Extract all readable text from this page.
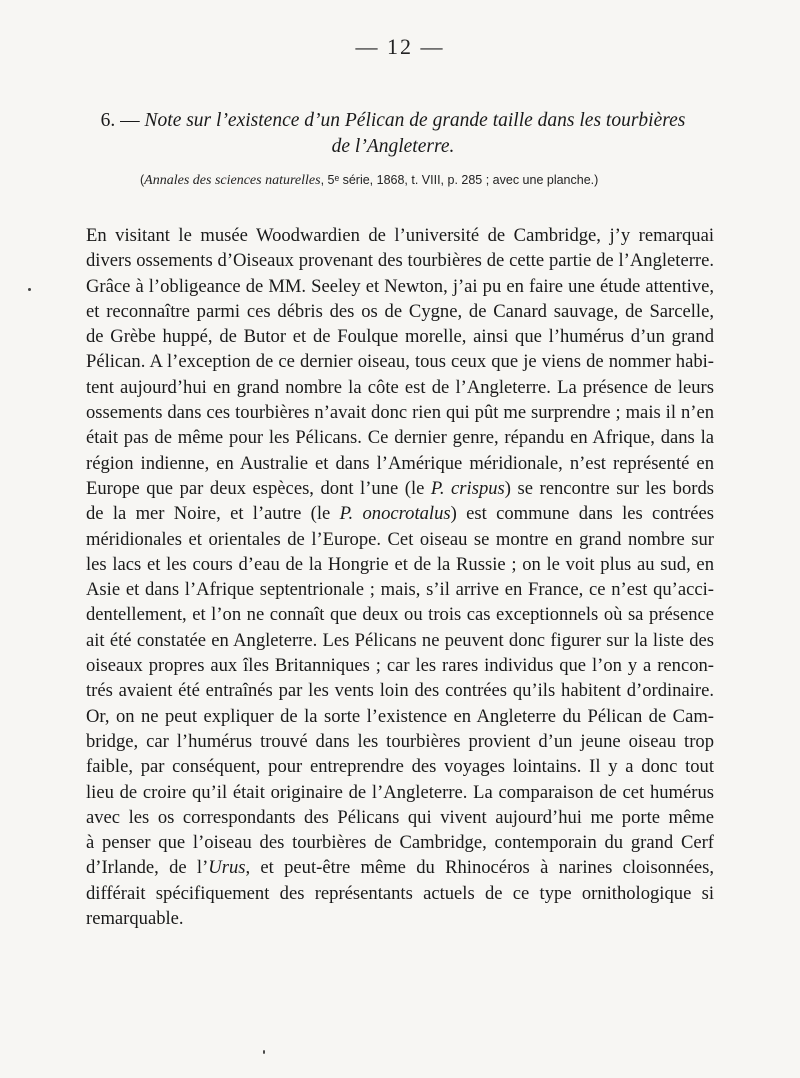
— 12 —
6. — Note sur l’existence d’un Pélican de grande taille dans les tourbières
de l’Angleterre.
(Annales des sciences naturelles, 5ᵉ série, 1868, t. VIII, p. 285 ; avec une planche.)
En visitant le musée Woodwardien de l’université de Cambridge, j’y remarquai
divers ossements d’Oiseaux provenant des tourbières de cette partie de l’Angleterre.
Grâce à l’obligeance de MM. Seeley et Newton, j’ai pu en faire une étude attentive,
et reconnaître parmi ces débris des os de Cygne, de Canard sauvage, de Sarcelle,
de Grèbe huppé, de Butor et de Foulque morelle, ainsi que l’humérus d’un grand
Pélican. A l’exception de ce dernier oiseau, tous ceux que je viens de nommer habi-
tent aujourd’hui en grand nombre la côte est de l’Angleterre. La présence de leurs
ossements dans ces tourbières n’avait donc rien qui pût me surprendre ; mais il n’en
était pas de même pour les Pélicans. Ce dernier genre, répandu en Afrique, dans la
région indienne, en Australie et dans l’Amérique méridionale, n’est représenté en
Europe que par deux espèces, dont l’une (le P. crispus) se rencontre sur les bords
de la mer Noire, et l’autre (le P. onocrotalus) est commune dans les contrées
méridionales et orientales de l’Europe. Cet oiseau se montre en grand nombre sur
les lacs et les cours d’eau de la Hongrie et de la Russie ; on le voit plus au sud, en
Asie et dans l’Afrique septentrionale ; mais, s’il arrive en France, ce n’est qu’acci-
dentellement, et l’on ne connaît que deux ou trois cas exceptionnels où sa présence
ait été constatée en Angleterre. Les Pélicans ne peuvent donc figurer sur la liste des
oiseaux propres aux îles Britanniques ; car les rares individus que l’on y a rencon-
trés avaient été entraînés par les vents loin des contrées qu’ils habitent d’ordinaire.
Or, on ne peut expliquer de la sorte l’existence en Angleterre du Pélican de Cam-
bridge, car l’humérus trouvé dans les tourbières provient d’un jeune oiseau trop
faible, par conséquent, pour entreprendre des voyages lointains. Il y a donc tout
lieu de croire qu’il était originaire de l’Angleterre. La comparaison de cet humérus
avec les os correspondants des Pélicans qui vivent aujourd’hui me porte même
à penser que l’oiseau des tourbières de Cambridge, contemporain du grand Cerf
d’Irlande, de l’Urus, et peut-être même du Rhinocéros à narines cloisonnées,
différait spécifiquement des représentants actuels de ce type ornithologique si
remarquable.
